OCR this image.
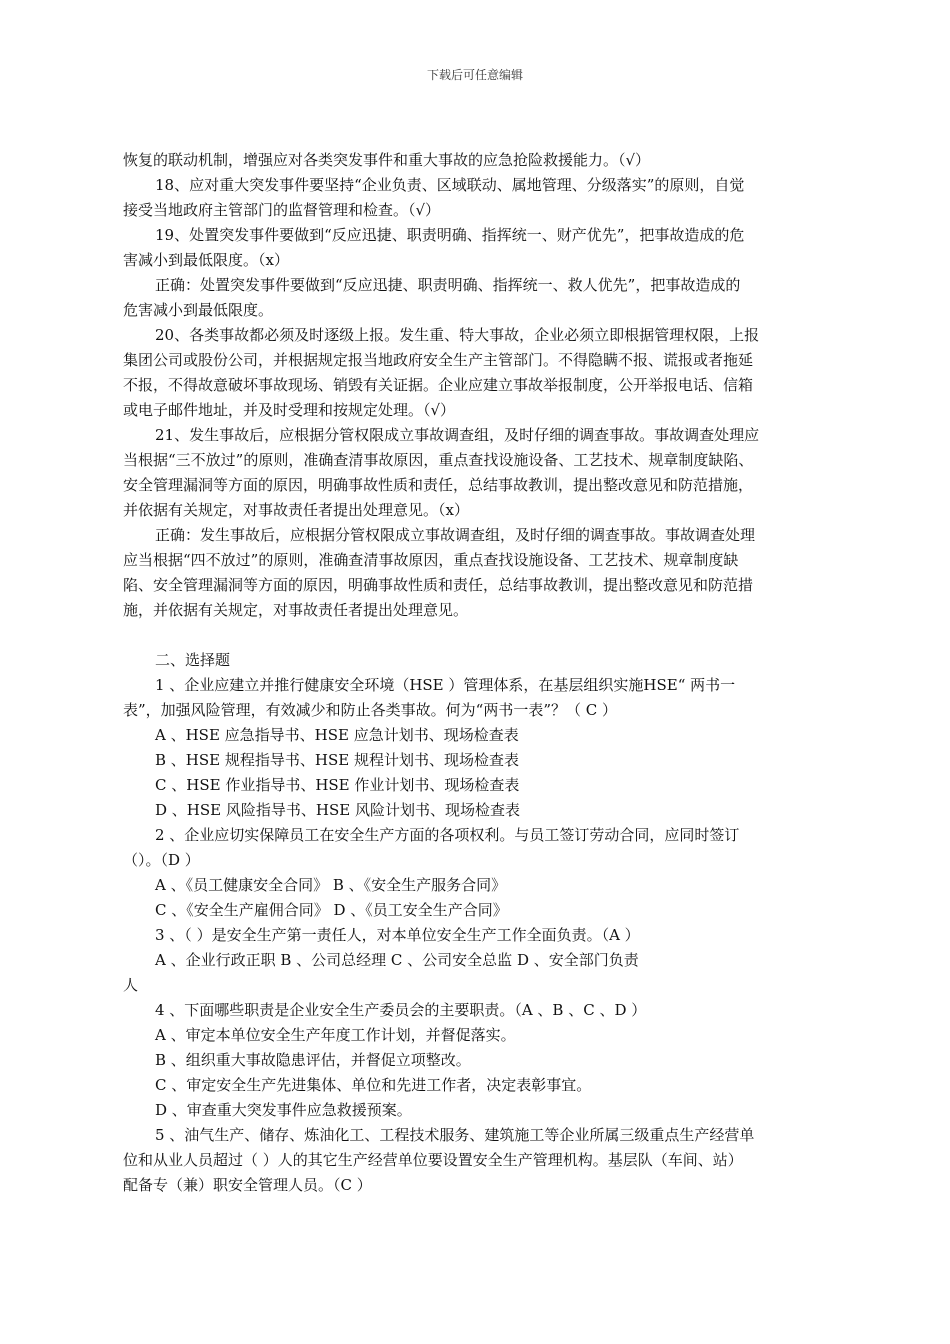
下载后可任意编辑
恢复的联动机制，增强应对各类突发事件和重大事故的应急抢险救援能力。（√）
18、应对重大突发事件要坚持“企业负责、区域联动、属地管理、分级落实”的原则，自觉
接受当地政府主管部门的监督管理和检查。（√）
19、处置突发事件要做到“反应迅捷、职责明确、指挥统一、财产优先”，把事故造成的危
害减小到最低限度。（x）
正确：处置突发事件要做到“反应迅捷、职责明确、指挥统一、救人优先”，把事故造成的
危害减小到最低限度。
20、各类事故都必须及时逐级上报。发生重、特大事故，企业必须立即根据管理权限，上报
集团公司或股份公司，并根据规定报当地政府安全生产主管部门。不得隐瞒不报、谎报或者拖延
不报，不得故意破坏事故现场、销毁有关证据。企业应建立事故举报制度，公开举报电话、信箱
或电子邮件地址，并及时受理和按规定处理。（√）
21、发生事故后，应根据分管权限成立事故调查组，及时仔细的调查事故。事故调查处理应
当根据“三不放过”的原则，准确查清事故原因，重点查找设施设备、工艺技术、规章制度缺陷、
安全管理漏洞等方面的原因，明确事故性质和责任，总结事故教训，提出整改意见和防范措施，
并依据有关规定，对事故责任者提出处理意见。（x）
正确：发生事故后，应根据分管权限成立事故调查组，及时仔细的调查事故。事故调查处理
应当根据“四不放过”的原则，准确查清事故原因，重点查找设施设备、工艺技术、规章制度缺
陷、安全管理漏洞等方面的原因，明确事故性质和责任，总结事故教训，提出整改意见和防范措
施，并依据有关规定，对事故责任者提出处理意见。
二、选择题
1 、企业应建立并推行健康安全环境（HSE ）管理体系，在基层组织实施HSE“ 两书一
表”，加强风险管理，有效减少和防止各类事故。何为“两书一表”？（ C ）
A 、HSE 应急指导书、HSE 应急计划书、现场检查表
B 、HSE 规程指导书、HSE 规程计划书、现场检查表
C 、HSE 作业指导书、HSE 作业计划书、现场检查表
D 、HSE 风险指导书、HSE 风险计划书、现场检查表
2 、企业应切实保障员工在安全生产方面的各项权利。与员工签订劳动合同，应同时签订
（）。（D ）
A 、《员工健康安全合同》 B 、《安全生产服务合同》
C 、《安全生产雇佣合同》 D 、《员工安全生产合同》
3 、（ ）是安全生产第一责任人，对本单位安全生产工作全面负责。（A ）
A 、企业行政正职 B 、公司总经理 C 、公司安全总监 D 、安全部门负责
人
4 、下面哪些职责是企业安全生产委员会的主要职责。（A 、B 、C 、D ）
A 、审定本单位安全生产年度工作计划，并督促落实。
B 、组织重大事故隐患评估，并督促立项整改。
C 、审定安全生产先进集体、单位和先进工作者，决定表彰事宜。
D 、审查重大突发事件应急救援预案。
5 、油气生产、储存、炼油化工、工程技术服务、建筑施工等企业所属三级重点生产经营单
位和从业人员超过（ ）人的其它生产经营单位要设置安全生产管理机构。基层队（车间、站）
配备专（兼）职安全管理人员。（C ）
